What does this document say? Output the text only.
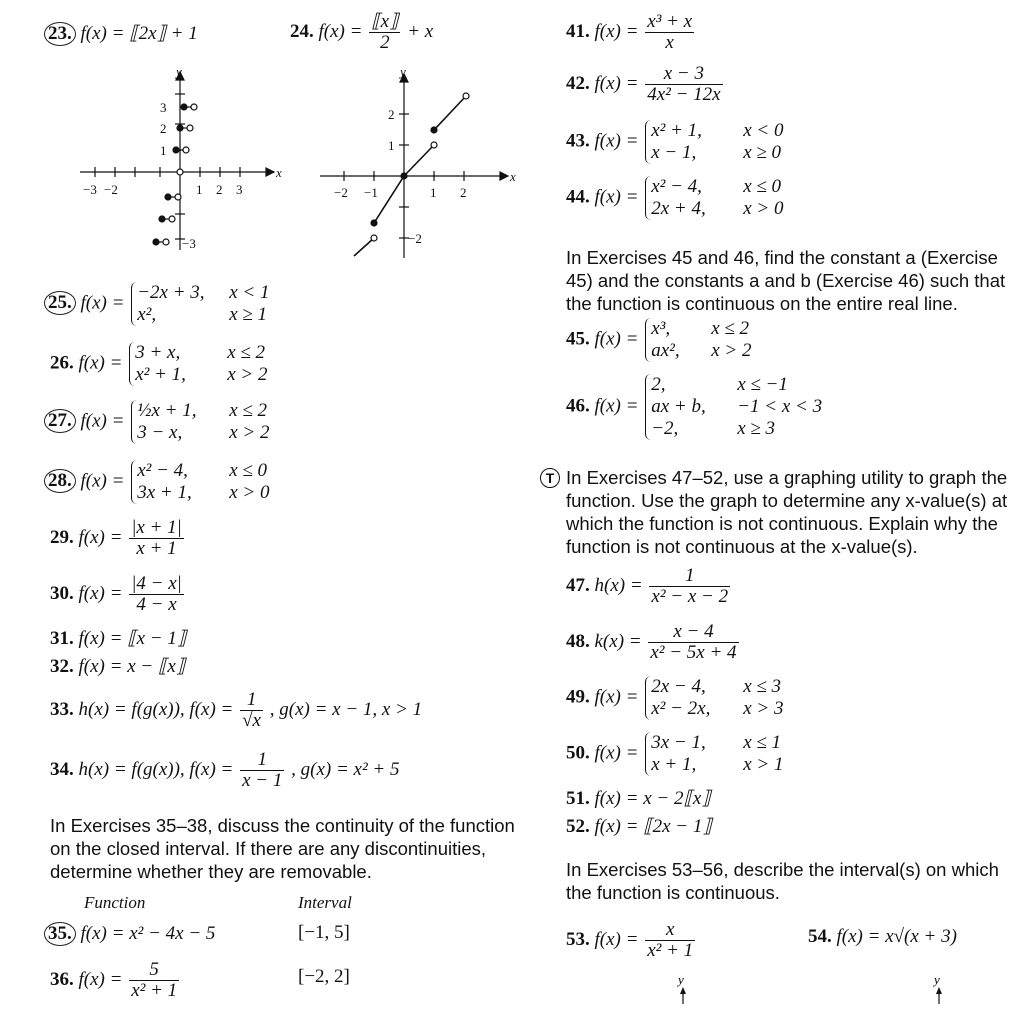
23. f(x) = ⟦2x⟧ + 1	24. $f(x) = \frac{⟦x⟧}{2} + x$
x
y
−3 −2	1 2 3
3
2
1
−3
x
y
−2 −1	1 2
2
1
−2
25. f(x) = −2x + 3,	x < 1
x²,	x ≥ 1
26. f(x) = 3 + x,	x ≤ 2
x² + 1,	x > 2
27. f(x) = ½x + 1,	x ≤ 2
3 − x,	x > 2
28. f(x) = x² − 4,	x ≤ 0
3x + 1,	x > 0
29. $f(x) = \frac{|x + 1|}{x + 1}$
30. $f(x) = \frac{|4 - x|}{4 - x}$
31. f(x) = ⟦x − 1⟧
32. f(x) = x − ⟦x⟧
33. h(x) = f(g(x)), $f(x) = \frac{1}{√x}$ , g(x) = x − 1, x > 1
34. h(x) = f(g(x)), $f(x) = \frac{1}{x - 1}$ , g(x) = x² + 5
In Exercises 35–38, discuss the continuity of the function on the closed interval. If there are any discontinuities, determine whether they are removable.
Function	Interval
35. f(x) = x² − 4x − 5	[−1, 5]
36. $f(x) = \frac{5}{\text{x² + 1}}$	[−2, 2]
41. $f(x) = \frac{\text{x³ + x}}{x}$
42. $f(x) = \frac{x - 3}{\text{4x² − 12x}}$
43. f(x) = x² + 1,	x < 0
x − 1,	x ≥ 0
44. f(x) = x² − 4,	x ≤ 0
2x + 4,	x > 0
In Exercises 45 and 46, find the constant a (Exercise 45) and the constants a and b (Exercise 46) such that the function is continuous on the entire real line.
45. f(x) = x³,	x ≤ 2
ax²,	x > 2
46. f(x) =
2,	x ≤ −1
ax + b,	−1 < x < 3
−2,	x ≥ 3
T In Exercises 47–52, use a graphing utility to graph the function. Use the graph to determine any x-value(s) at which the function is not continuous. Explain why the function is not continuous at the x-value(s).
47. $h(x) = \frac{1}{\text{x² − x − 2}}$
48. $k(x) = \frac{x - 4}{\text{x² − 5x + 4}}$
49. f(x) = 2x − 4,	x ≤ 3
x² − 2x,	x > 3
50. f(x) = 3x − 1,	x ≤ 1
x + 1,	x > 1
51. f(x) = x − 2⟦x⟧
52. f(x) = ⟦2x − 1⟧
In Exercises 53–56, describe the interval(s) on which the function is continuous.
53. $f(x) = \frac{x}{\text{x² + 1}}$	54. f(x) = x√(x + 3)
y	y
